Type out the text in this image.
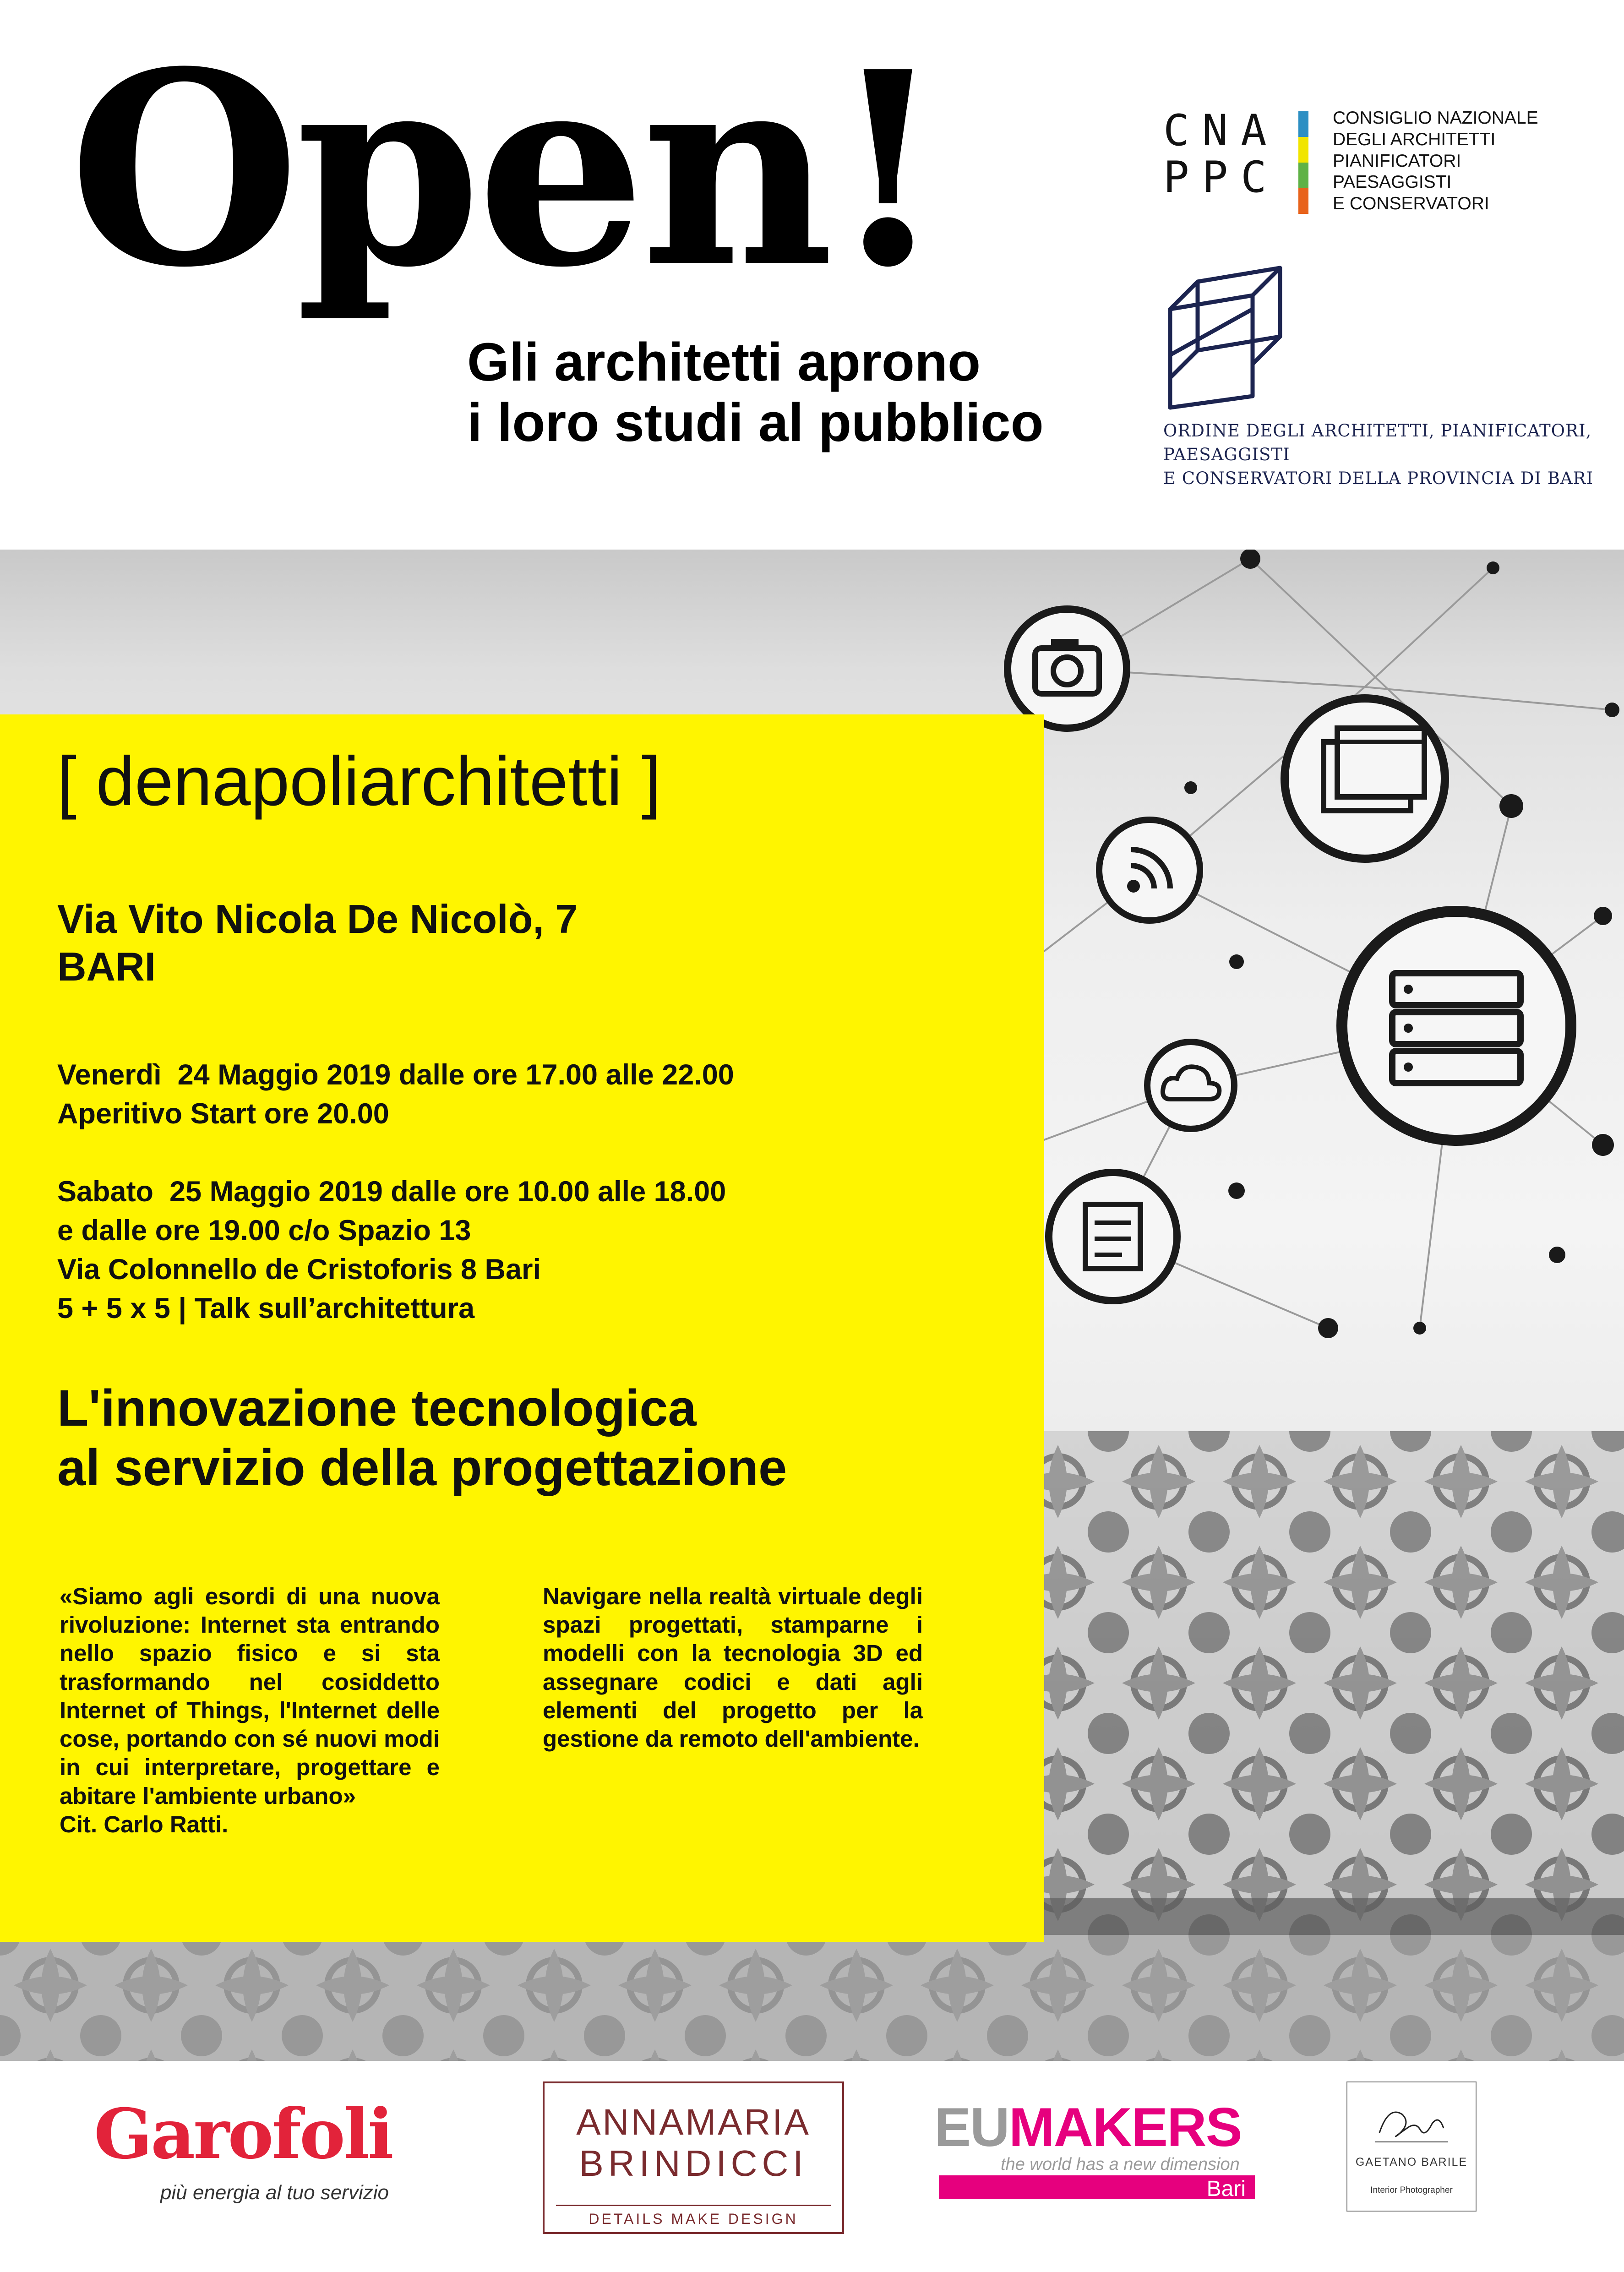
Open!
Gli architetti aprono
i loro studi al pubblico
CNA
PPC
CONSIGLIO NAZIONALE
DEGLI ARCHITETTI
PIANIFICATORI
PAESAGGISTI
E CONSERVATORI
ORDINE DEGLI ARCHITETTI, PIANIFICATORI, PAESAGGISTI
E CONSERVATORI DELLA PROVINCIA DI BARI
[ denapoliarchitetti ]
Via Vito Nicola De Nicolò, 7
BARI
Venerdì  24 Maggio 2019 dalle ore 17.00 alle 22.00
Aperitivo Start ore 20.00
Sabato  25 Maggio 2019 dalle ore 10.00 alle 18.00
e dalle ore 19.00 c/o Spazio 13
Via Colonnello de Cristoforis 8 Bari
5 + 5 x 5 | Talk sull’architettura
L'innovazione tecnologica
al servizio della progettazione

«Siamo agli esordi di una nuova rivoluzione: Internet sta entrando nello spazio fisico e si sta trasformando nel cosiddetto Internet of Things, l'Internet delle cose, portando con sé nuovi modi in cui interpretare, progettare e abitare l'ambiente urbano»

Cit. Carlo Ratti.

Navigare nella realtà virtuale degli spazi progettati, stamparne i modelli con la tecnologia 3D ed assegnare codici e dati agli elementi del progetto per la gestione da remoto dell'ambiente.

Garofoli
più energia al tuo servizio
ANNAMARIA
BRINDICCI
DETAILS MAKE DESIGN
EUMAKERS
the world has a new dimension
Bari
GAETANO BARILE
Interior Photographer
